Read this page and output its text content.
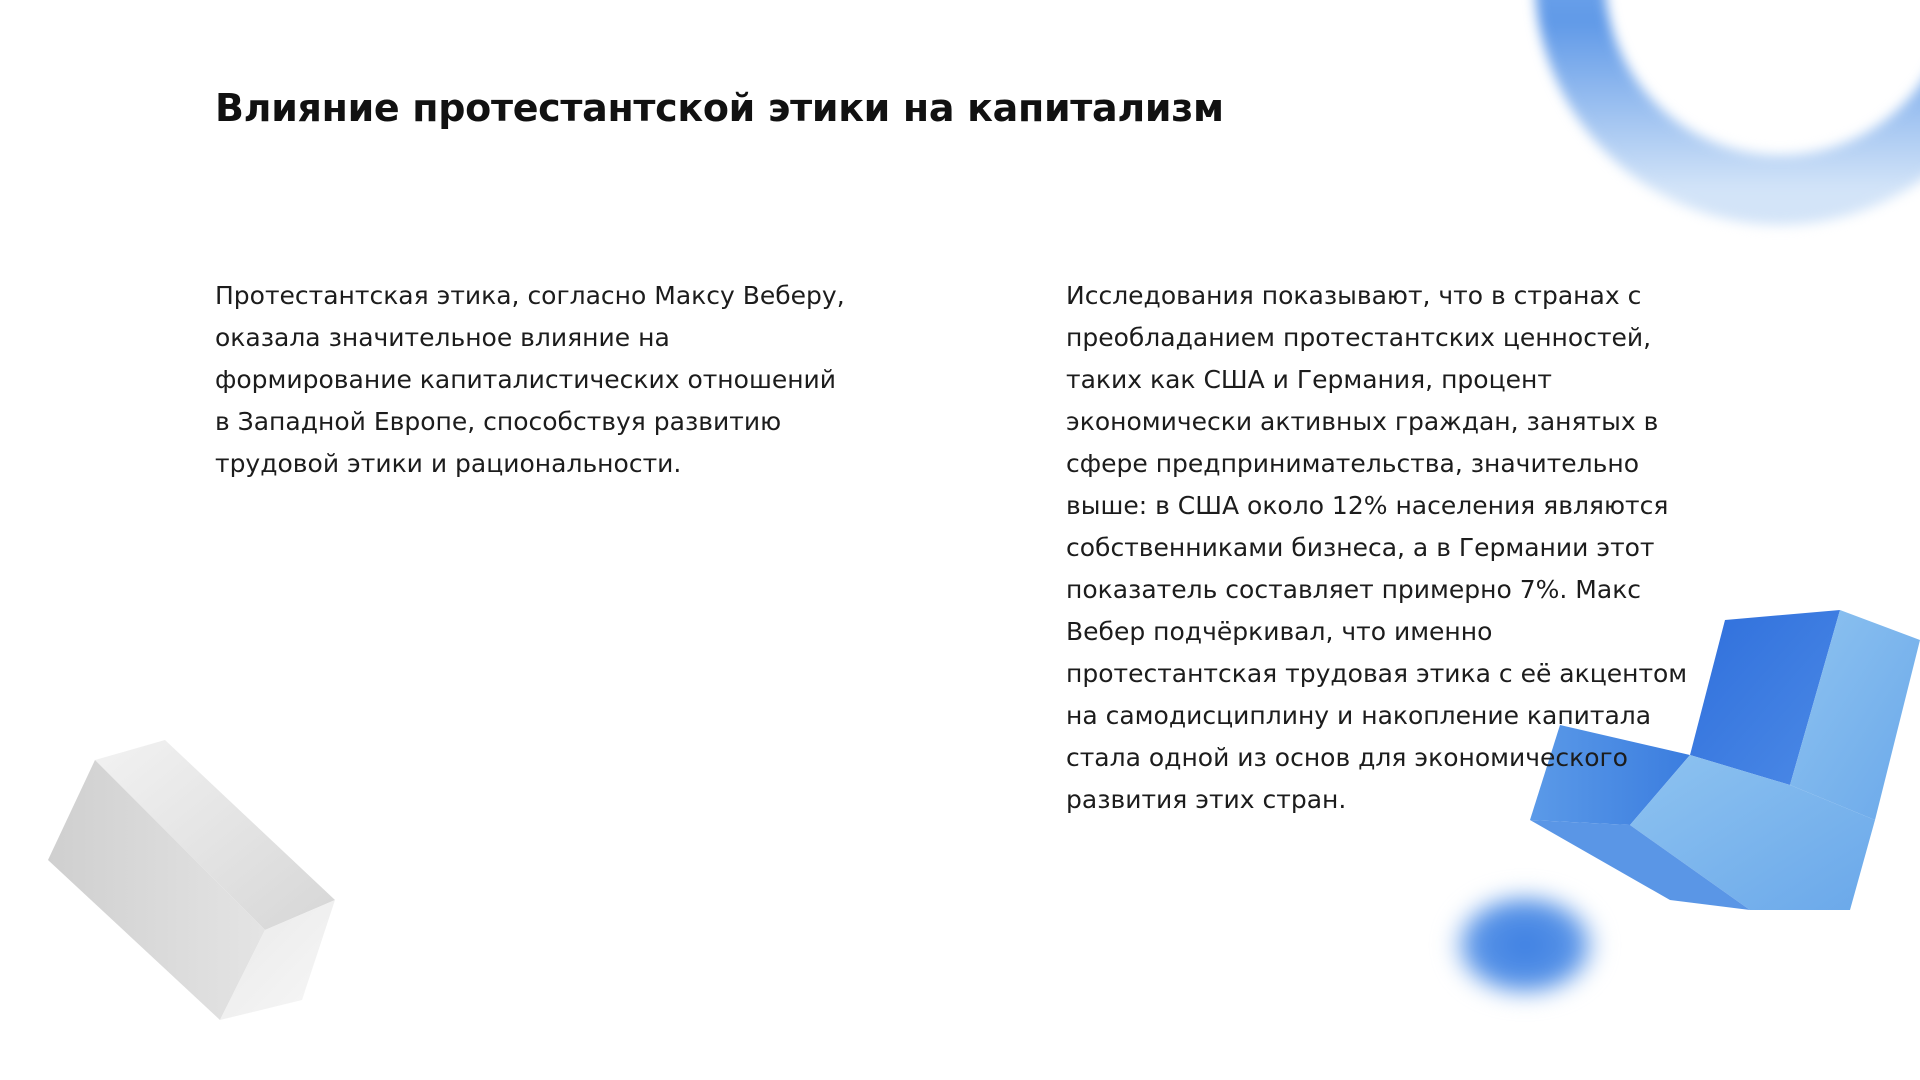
Влияние протестантской этики на капитализм

Протестантская этика, согласно Максу Веберу, оказала значительное влияние на формирование капиталистических отношений в Западной Европе, способствуя развитию трудовой этики и рациональности.

Исследования показывают, что в странах с преобладанием протестантских ценностей, таких как США и Германия, процент экономически активных граждан, занятых в сфере предпринимательства, значительно выше: в США около 12% населения являются собственниками бизнеса, а в Германии этот показатель составляет примерно 7%. Макс Вебер подчёркивал, что именно протестантская трудовая этика с её акцентом на самодисциплину и накопление капитала стала одной из основ для экономического развития этих стран.
